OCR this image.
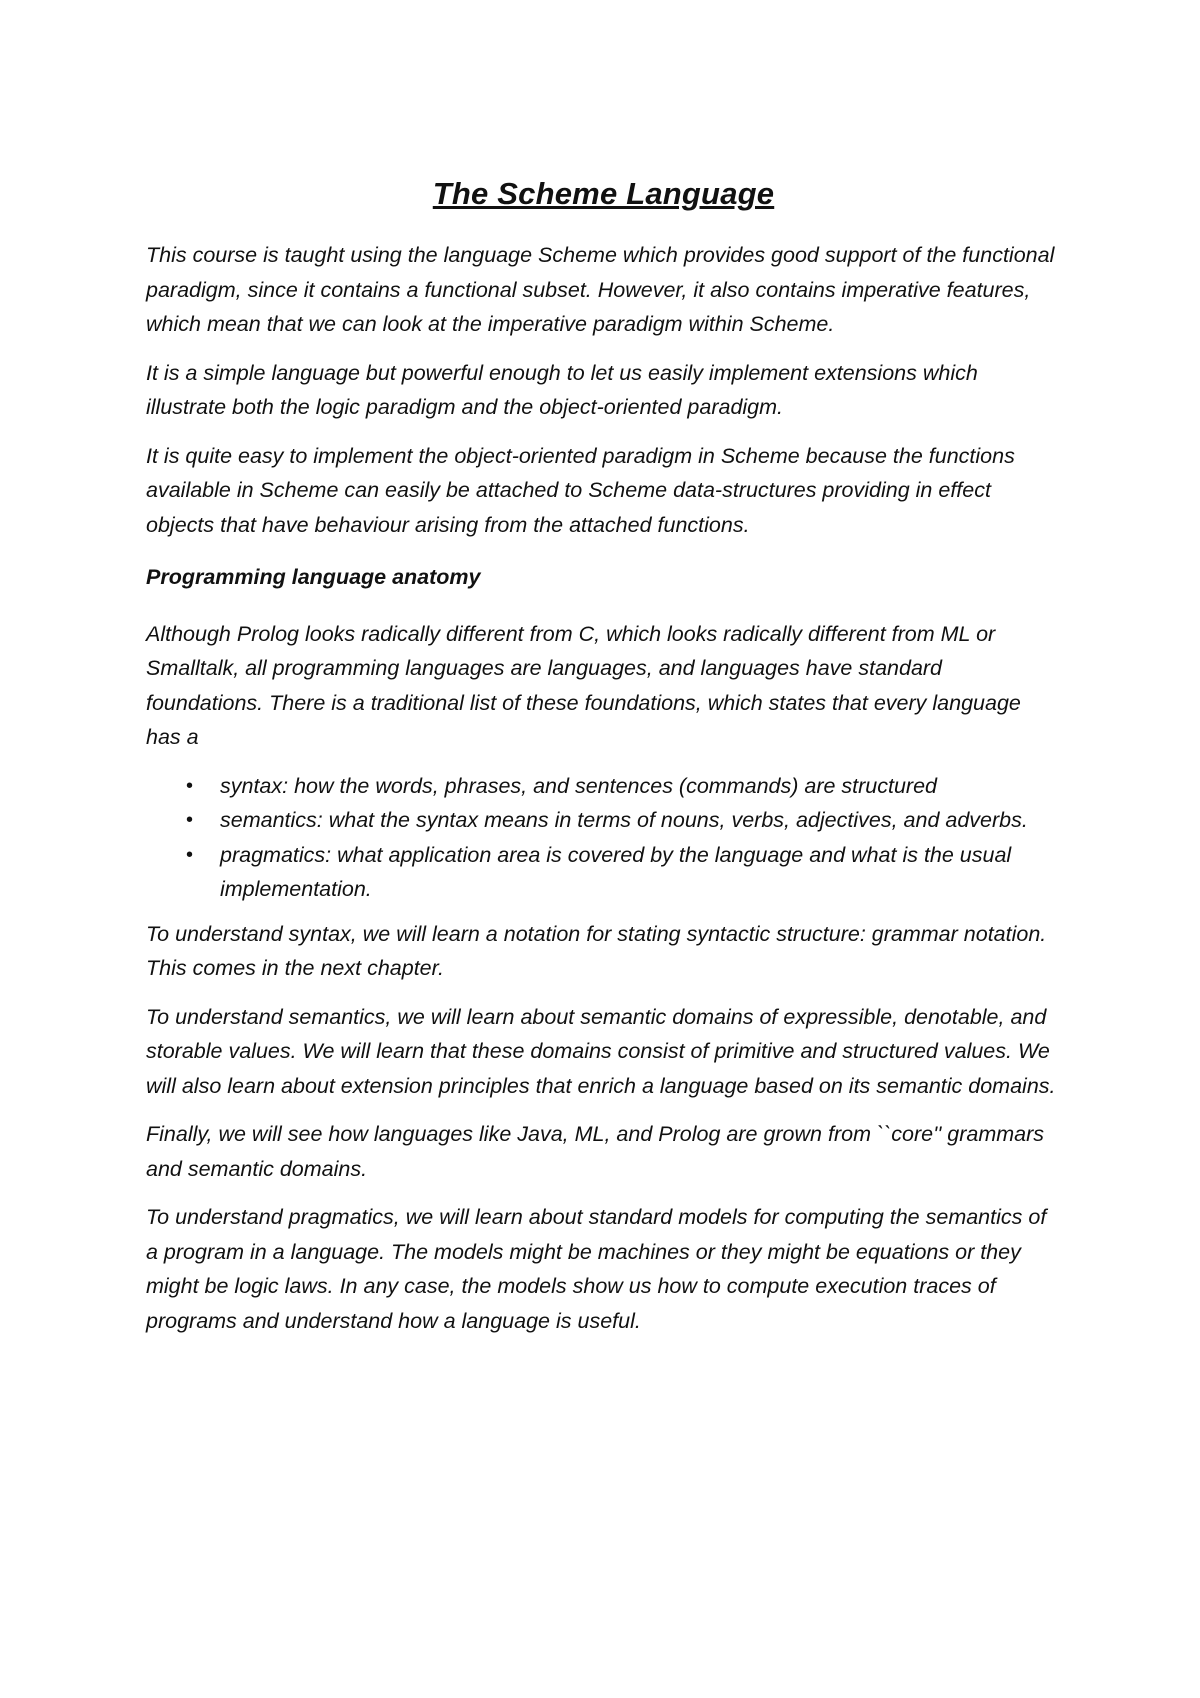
The Scheme Language

This course is taught using the language Scheme which provides good support of the functional paradigm, since it contains a functional subset. However, it also contains imperative features, which mean that we can look at the imperative paradigm within Scheme.

It is a simple language but powerful enough to let us easily implement extensions which illustrate both the logic paradigm and the object-oriented paradigm.

It is quite easy to implement the object-oriented paradigm in Scheme because the functions available in Scheme can easily be attached to Scheme data-structures providing in effect objects that have behaviour arising from the attached functions.

Programming language anatomy

Although Prolog looks radically different from C, which looks radically different from ML or Smalltalk, all programming languages are languages, and languages have standard foundations. There is a traditional list of these foundations, which states that every language has a

• syntax: how the words, phrases, and sentences (commands) are structured
• semantics: what the syntax means in terms of nouns, verbs, adjectives, and adverbs.
• pragmatics: what application area is covered by the language and what is the usual implementation.

To understand syntax, we will learn a notation for stating syntactic structure: grammar notation. This comes in the next chapter.

To understand semantics, we will learn about semantic domains of expressible, denotable, and storable values. We will learn that these domains consist of primitive and structured values. We will also learn about extension principles that enrich a language based on its semantic domains.

Finally, we will see how languages like Java, ML, and Prolog are grown from ``core'' grammars and semantic domains.

To understand pragmatics, we will learn about standard models for computing the semantics of a program in a language. The models might be machines or they might be equations or they might be logic laws. In any case, the models show us how to compute execution traces of programs and understand how a language is useful.
